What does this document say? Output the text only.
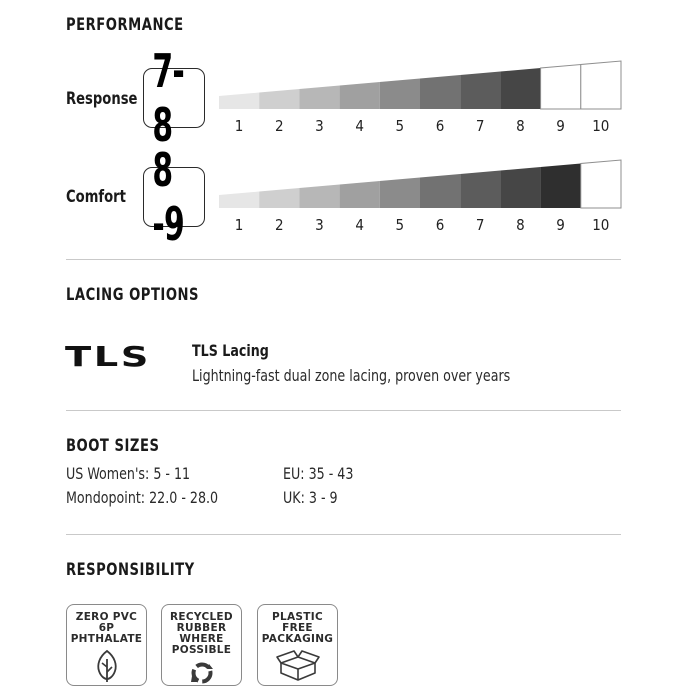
PERFORMANCE
Response
7-8	1	2	3	4	5	6	7	8	9	10
Comfort 8 -9	1	2	3	4	5	6	7	8	9	10
LACING OPTIONS
TLS	TLS Lacing
Lightning-fast dual zone lacing, proven over years
BOOT SIZES
US Women's: 5 - 11	EU: 35 - 43
Mondopoint: 22.0 - 28.0	UK: 3 - 9
RESPONSIBILITY
ZERO PVC
6P
PHTHALATE
RECYCLED
RUBBER
WHERE
POSSIBLE
PLASTIC
FREE
PACKAGING
